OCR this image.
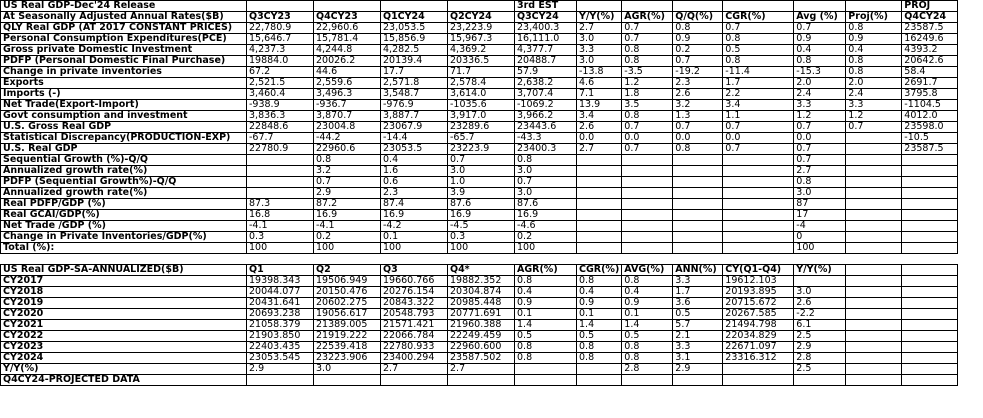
US Real GDP-Dec'24 Release					3rd EST							PROJ
At Seasonally Adjusted Annual Rates($B)	Q3CY23	Q4CY23	Q1CY24	Q2CY24	Q3CY24	Y/Y(%)	AGR(%)	Q/Q(%)	CGR(%)	Avg (%)	Proj(%)	Q4CY24
QLY Real GDP (AT 2017 CONSTANT PRICES)	22,780.9	22,960.6	23,053.5	23,223.9	23,400.3	2.7	0.7	0.8	0.7	0.7	0.8	23587.5
Personal Consumption Expenditures(PCE)	15,646.7	15,781.4	15,856.9	15,967.3	16,111.0	3.0	0.7	0.9	0.8	0.9	0.9	16249.6
Gross private Domestic Investment	4,237.3	4,244.8	4,282.5	4,369.2	4,377.7	3.3	0.8	0.2	0.5	0.4	0.4	4393.2
PDFP (Personal Domestic Final Purchase)	19884.0	20026.2	20139.4	20336.5	20488.7	3.0	0.8	0.7	0.8	0.8	0.8	20642.6
Change in private inventories	67.2	44.6	17.7	71.7	57.9	-13.8	-3.5	-19.2	-11.4	-15.3	0.8	58.4
Exports	2,521.5	2,559.6	2,571.8	2,578.4	2,638.2	4.6	1.2	2.3	1.7	2.0	2.0	2691.7
Imports (-)	3,460.4	3,496.3	3,548.7	3,614.0	3,707.4	7.1	1.8	2.6	2.2	2.4	2.4	3795.8
Net Trade(Export-Import)	-938.9	-936.7	-976.9	-1035.6	-1069.2	13.9	3.5	3.2	3.4	3.3	3.3	-1104.5
Govt consumption and investment	3,836.3	3,870.7	3,887.7	3,917.0	3,966.2	3.4	0.8	1.3	1.1	1.2	1.2	4012.0
U.S. Gross Real GDP	22848.6	23004.8	23067.9	23289.6	23443.6	2.6	0.7	0.7	0.7	0.7	0.7	23598.0
Statistical Discrepancy(PRODUCTION-EXP)	-67.7	-44.2	-14.4	-65.7	-43.3	0.0	0.0	0.0	0.0	0.0		-10.5
U.S. Real GDP	22780.9	22960.6	23053.5	23223.9	23400.3	2.7	0.7	0.8	0.7	0.7		23587.5
Sequential Growth (%)-Q/Q		0.8	0.4	0.7	0.8					0.7		
Annualized growth rate(%)		3.2	1.6	3.0	3.0					2.7		
PDFP (Sequential Growth%)-Q/Q		0.7	0.6	1.0	0.7					0.8		
Annualized growth rate(%)		2.9	2.3	3.9	3.0					3.0		
Real PDFP/GDP (%)	87.3	87.2	87.4	87.6	87.6					87		
Real GCAI/GDP(%)	16.8	16.9	16.9	16.9	16.9					17		
Net Trade /GDP (%)	-4.1	-4.1	-4.2	-4.5	-4.6					-4		
Change in Private Inventories/GDP(%)	0.3	0.2	0.1	0.3	0.2					0		
Total (%):	100	100	100	100	100					100		

US Real GDP-SA-ANNUALIZED($B)	Q1	Q2	Q3	Q4*	AGR(%)	CGR(%)	AVG(%)	ANN(%)	CY(Q1-Q4)	Y/Y(%)		
CY2017	19398.343	19506.949	19660.766	19882.352	0.8	0.8	0.8	3.3	19612.103			
CY2018	20044.077	20150.476	20276.154	20304.874	0.4	0.4	0.4	1.7	20193.895	3.0		
CY2019	20431.641	20602.275	20843.322	20985.448	0.9	0.9	0.9	3.6	20715.672	2.6		
CY2020	20693.238	19056.617	20548.793	20771.691	0.1	0.1	0.1	0.5	20267.585	-2.2		
CY2021	21058.379	21389.005	21571.421	21960.388	1.4	1.4	1.4	5.7	21494.798	6.1		
CY2022	21903.850	21919.222	22066.784	22249.459	0.5	0.5	0.5	2.1	22034.829	2.5		
CY2023	22403.435	22539.418	22780.933	22960.600	0.8	0.8	0.8	3.3	22671.097	2.9		
CY2024	23053.545	23223.906	23400.294	23587.502	0.8	0.8	0.8	3.1	23316.312	2.8		
Y/Y(%)	2.9	3.0	2.7	2.7			2.8	2.9		2.5		
Q4CY24-PROJECTED DATA												
